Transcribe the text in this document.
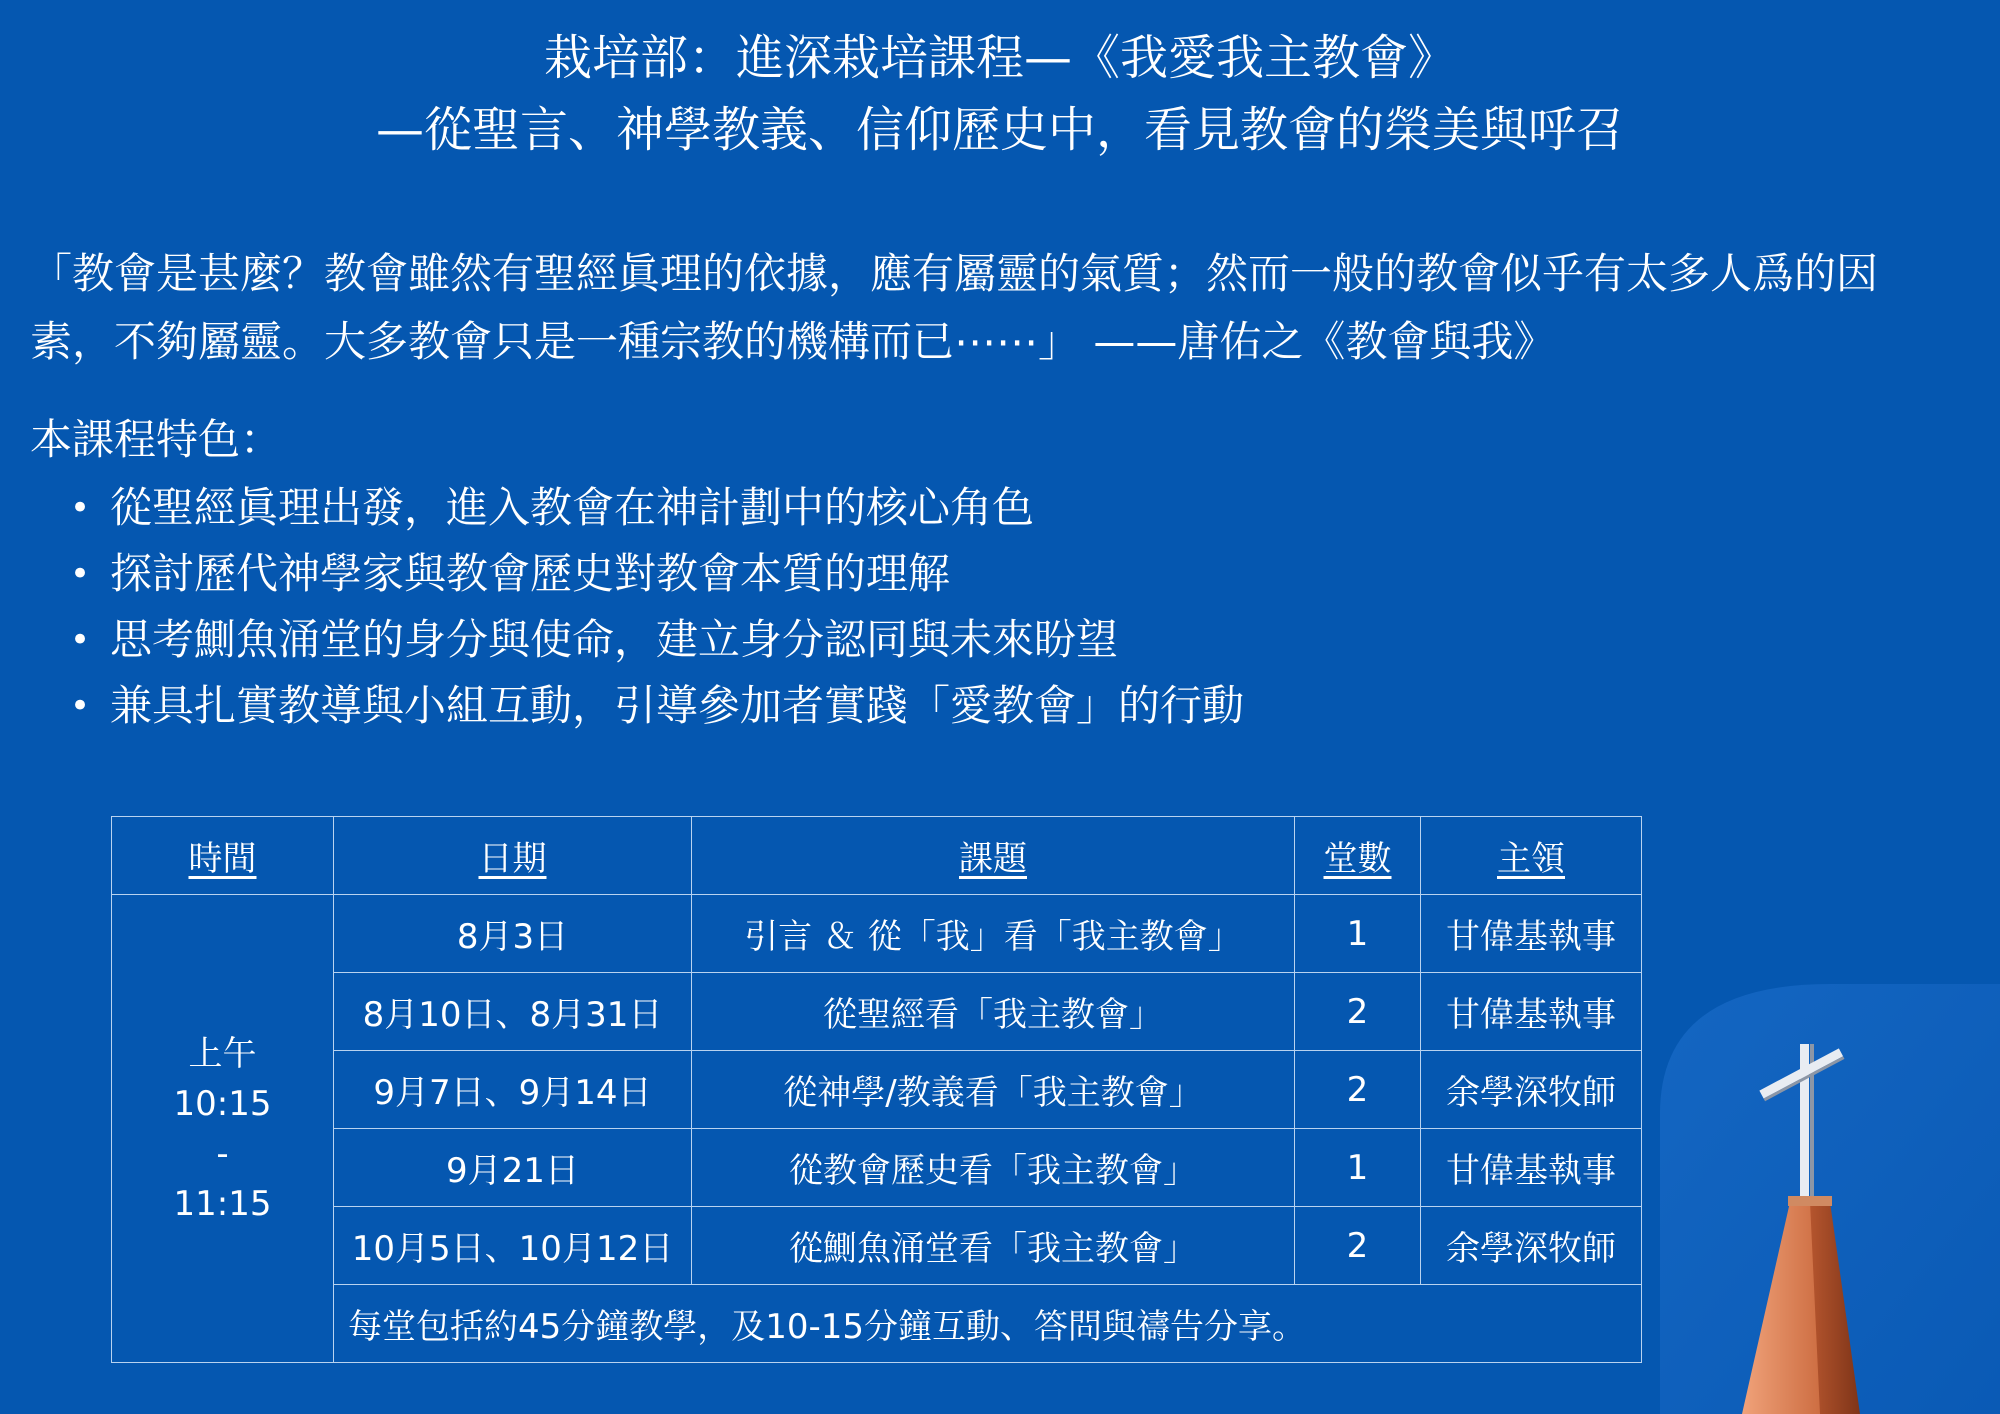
栽培部：進深栽培課程—《我愛我主教會》
—從聖言、神學教義、信仰歷史中，看見教會的榮美與呼召
「教會是甚麼？教會雖然有聖經眞理的依據，應有屬靈的氣質；然而一般的教會似乎有太多人爲的因
素，不夠屬靈。大多教會只是一種宗教的機構而已⋯⋯」 ——唐佑之《教會與我》
本課程特色：
• 從聖經眞理出發，進入教會在神計劃中的核心角色
• 探討歷代神學家與教會歷史對教會本質的理解
• 思考鰂魚涌堂的身分與使命，建立身分認同與未來盼望
• 兼具扎實教導與小組互動，引導參加者實踐「愛教會」的行動
時間	日期	課題	堂數	主領

上午
10:15
-
11:15	8月3日	引言 ＆ 從「我」看「我主教會」	1	甘偉基執事
	8月10日、8月31日	從聖經看「我主教會」	2	甘偉基執事
	9月7日、9月14日	從神學/教義看「我主教會」	2	余學深牧師
	9月21日	從教會歷史看「我主教會」	1	甘偉基執事
	10月5日、10月12日	從鰂魚涌堂看「我主教會」	2	余學深牧師
	每堂包括約45分鐘教學，及10-15分鐘互動、答問與禱告分享。			
